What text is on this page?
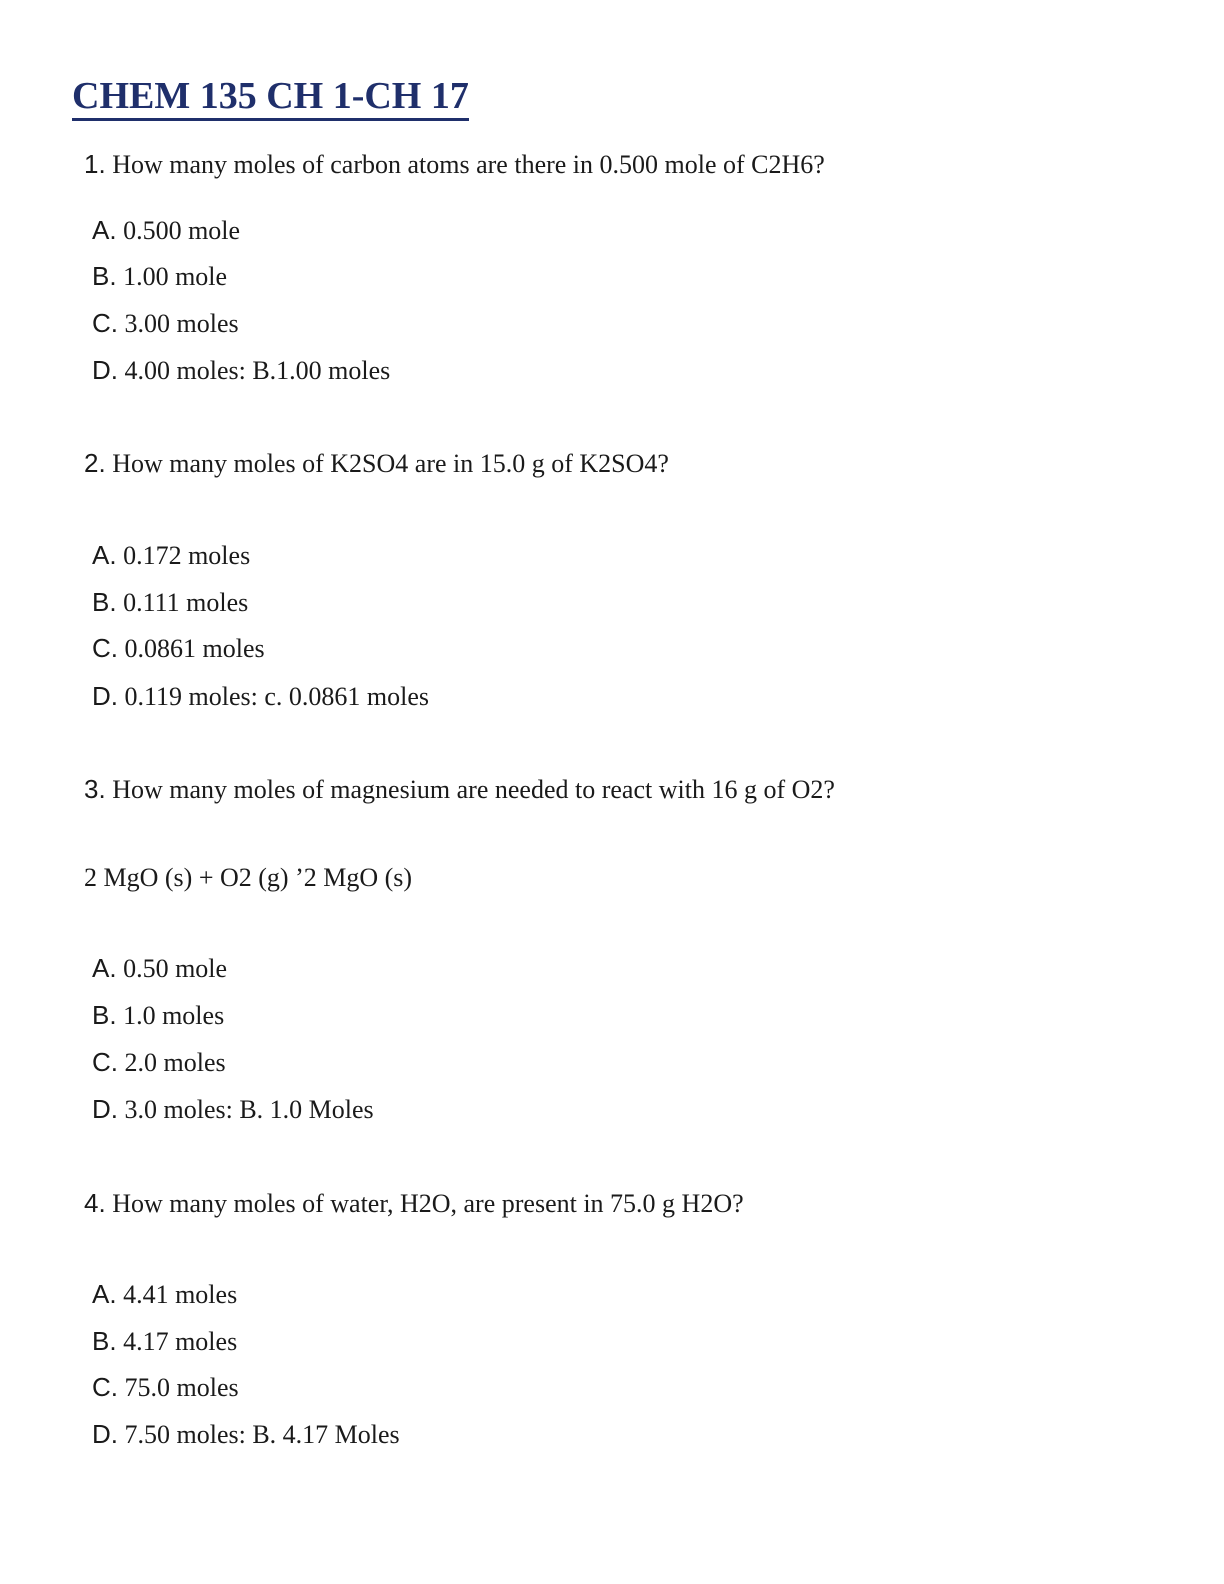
CHEM 135 CH 1-CH 17

1. How many moles of carbon atoms are there in 0.500 mole of C2H6?

A. 0.500 mole

B. 1.00 mole

C. 3.00 moles

D. 4.00 moles: B.1.00 moles

2. How many moles of K2SO4 are in 15.0 g of K2SO4?

A. 0.172 moles

B. 0.111 moles

C. 0.0861 moles

D. 0.119 moles: c. 0.0861 moles

3. How many moles of magnesium are needed to react with 16 g of O2?

2 MgO (s) + O2 (g) ’2 MgO (s)

A. 0.50 mole

B. 1.0 moles

C. 2.0 moles

D. 3.0 moles: B. 1.0 Moles

4. How many moles of water, H2O, are present in 75.0 g H2O?

A. 4.41 moles

B. 4.17 moles

C. 75.0 moles

D. 7.50 moles: B. 4.17 Moles
